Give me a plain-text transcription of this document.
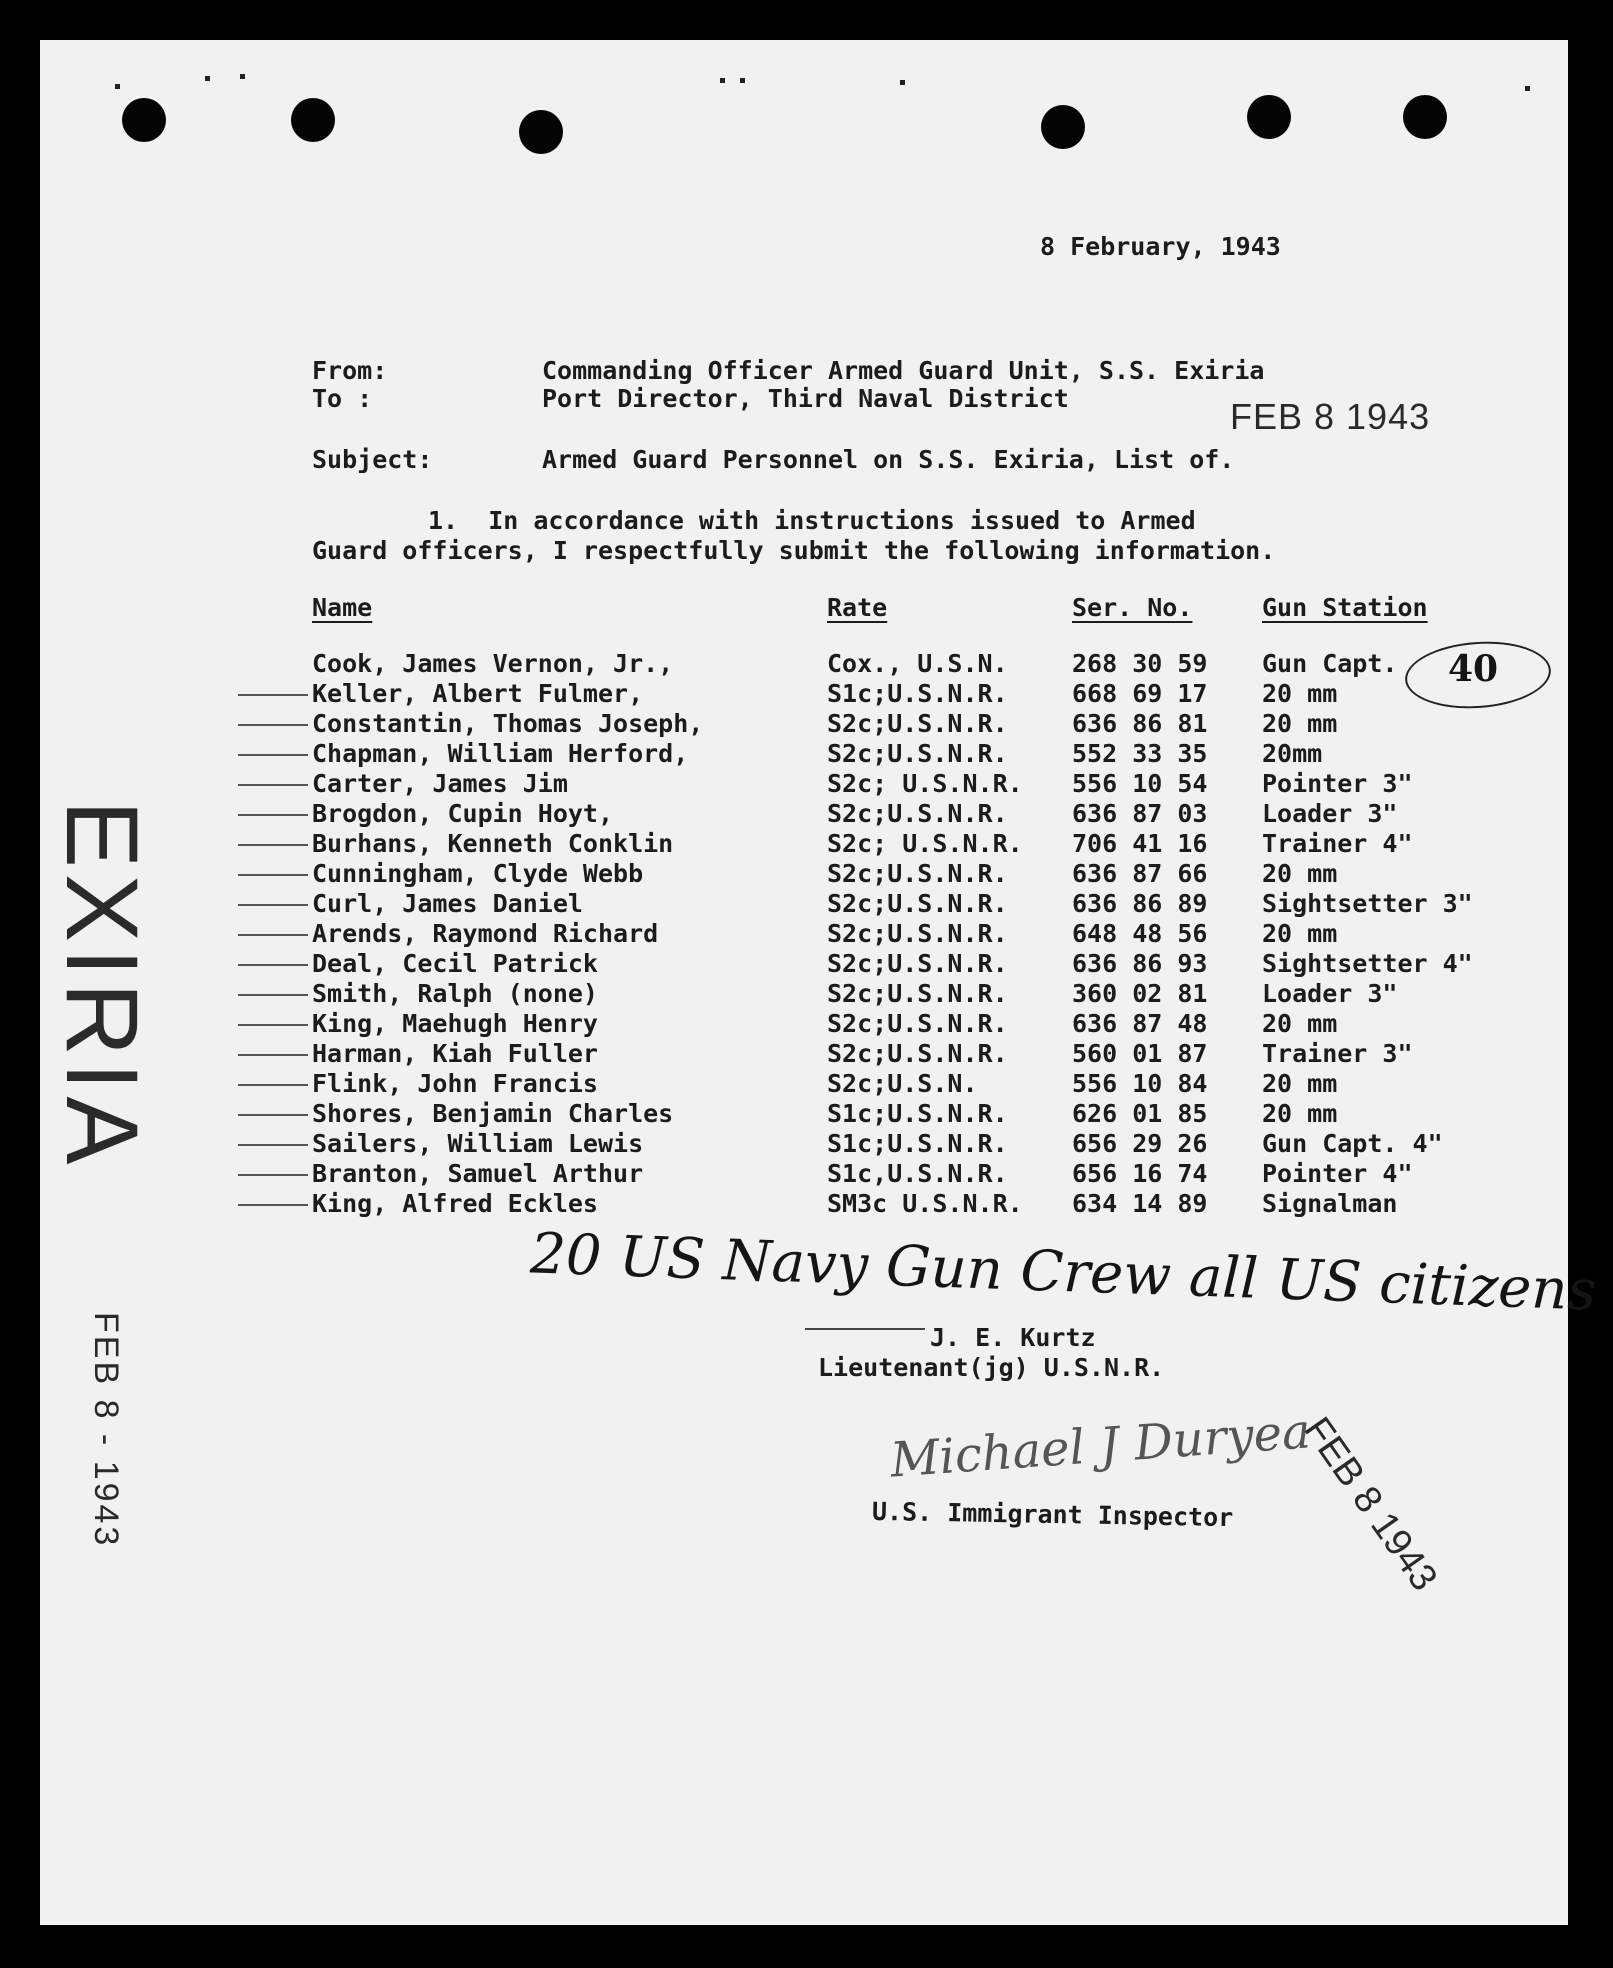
8 February, 1943
From:	Commanding Officer Armed Guard Unit, S.S. Exiria
To :	Port Director, Third Naval District
Subject:	Armed Guard Personnel on S.S. Exiria, List of.
FEB 8 1943
1.  In accordance with instructions issued to Armed
Guard officers, I respectfully submit the following information.
Name	Rate	Ser. No.	Gun Station
Cook, James Vernon, Jr.,	Cox., U.S.N.	268 30 59	Gun Capt.
Keller, Albert Fulmer,	S1c;U.S.N.R.	668 69 17	20 mm
Constantin, Thomas Joseph,	S2c;U.S.N.R.	636 86 81	20 mm
Chapman, William Herford,	S2c;U.S.N.R.	552 33 35	20mm
Carter, James Jim	S2c; U.S.N.R.	556 10 54	Pointer 3"
Brogdon, Cupin Hoyt,	S2c;U.S.N.R.	636 87 03	Loader 3"
Burhans, Kenneth Conklin	S2c; U.S.N.R.	706 41 16	Trainer 4"
Cunningham, Clyde Webb	S2c;U.S.N.R.	636 87 66	20 mm
Curl, James Daniel	S2c;U.S.N.R.	636 86 89	Sightsetter 3"
Arends, Raymond Richard	S2c;U.S.N.R.	648 48 56	20 mm
Deal, Cecil Patrick	S2c;U.S.N.R.	636 86 93	Sightsetter 4"
Smith, Ralph (none)	S2c;U.S.N.R.	360 02 81	Loader 3"
King, Maehugh Henry	S2c;U.S.N.R.	636 87 48	20 mm
Harman, Kiah Fuller	S2c;U.S.N.R.	560 01 87	Trainer 3"
Flink, John Francis	S2c;U.S.N.	556 10 84	20 mm
Shores, Benjamin Charles	S1c;U.S.N.R.	626 01 85	20 mm
Sailers, William Lewis	S1c;U.S.N.R.	656 29 26	Gun Capt. 4"
Branton, Samuel Arthur	S1c,U.S.N.R.	656 16 74	Pointer 4"
King, Alfred Eckles	SM3c U.S.N.R.	634 14 89	Signalman
40
EXIRIA
FEB 8 - 1943
20 US Navy Gun Crew all US citizens
J. E. Kurtz
Lieutenant(jg) U.S.N.R.
Michael J Duryea
U.S. Immigrant Inspector FEB 8 1943
